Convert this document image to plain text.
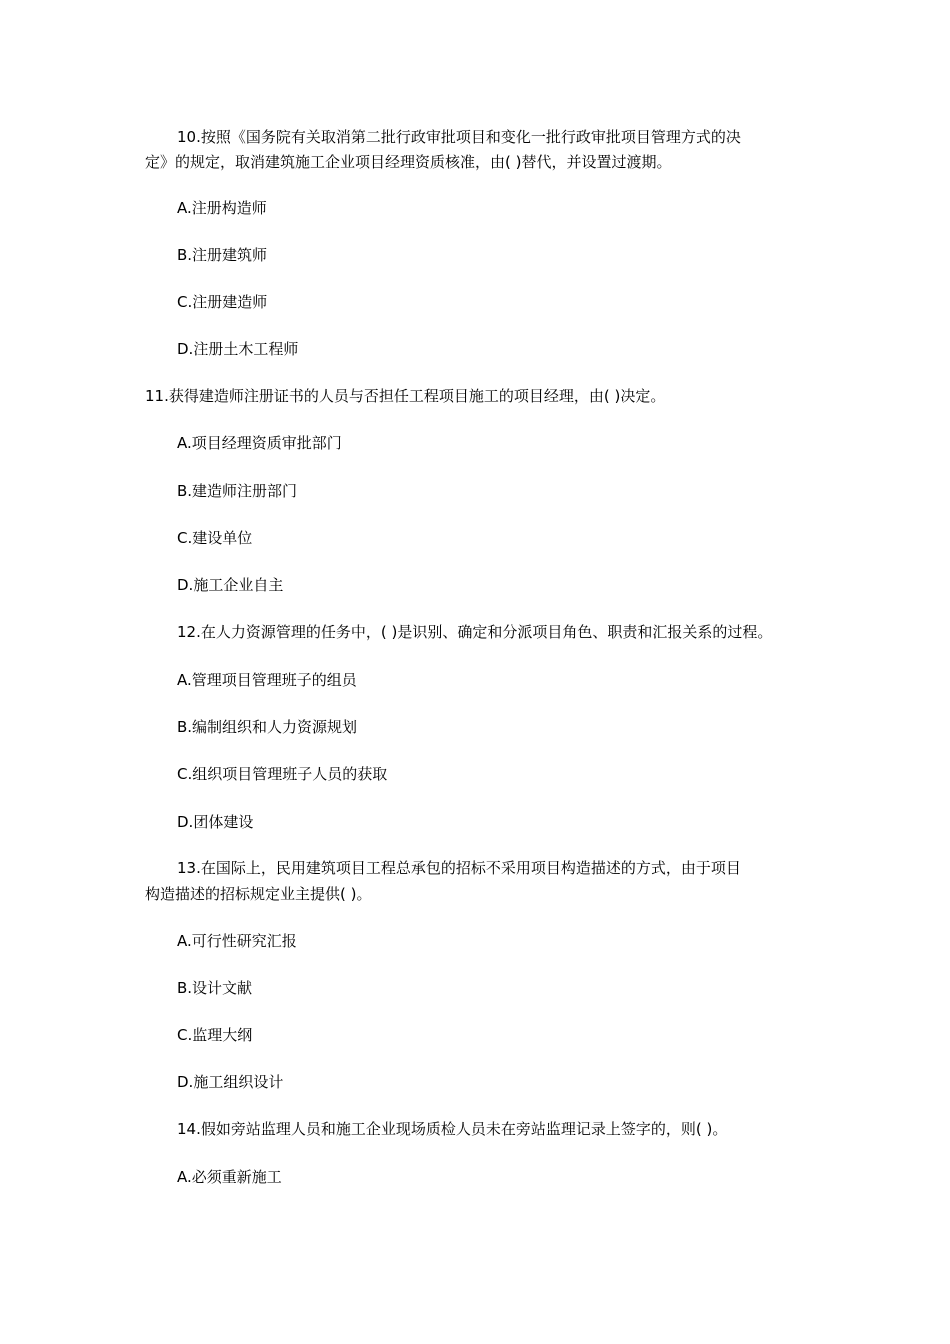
10.按照《国务院有关取消第二批行政审批项目和变化一批行政审批项目管理方式的决
定》的规定，取消建筑施工企业项目经理资质核准，由( )替代，并设置过渡期。
A.注册构造师
B.注册建筑师
C.注册建造师
D.注册土木工程师
11.获得建造师注册证书的人员与否担任工程项目施工的项目经理，由( )决定。
A.项目经理资质审批部门
B.建造师注册部门
C.建设单位
D.施工企业自主
12.在人力资源管理的任务中，( )是识别、确定和分派项目角色、职责和汇报关系的过程。
A.管理项目管理班子的组员
B.编制组织和人力资源规划
C.组织项目管理班子人员的获取
D.团体建设
13.在国际上，民用建筑项目工程总承包的招标不采用项目构造描述的方式，由于项目
构造描述的招标规定业主提供( )。
A.可行性研究汇报
B.设计文献
C.监理大纲
D.施工组织设计
14.假如旁站监理人员和施工企业现场质检人员未在旁站监理记录上签字的，则( )。
A.必须重新施工
